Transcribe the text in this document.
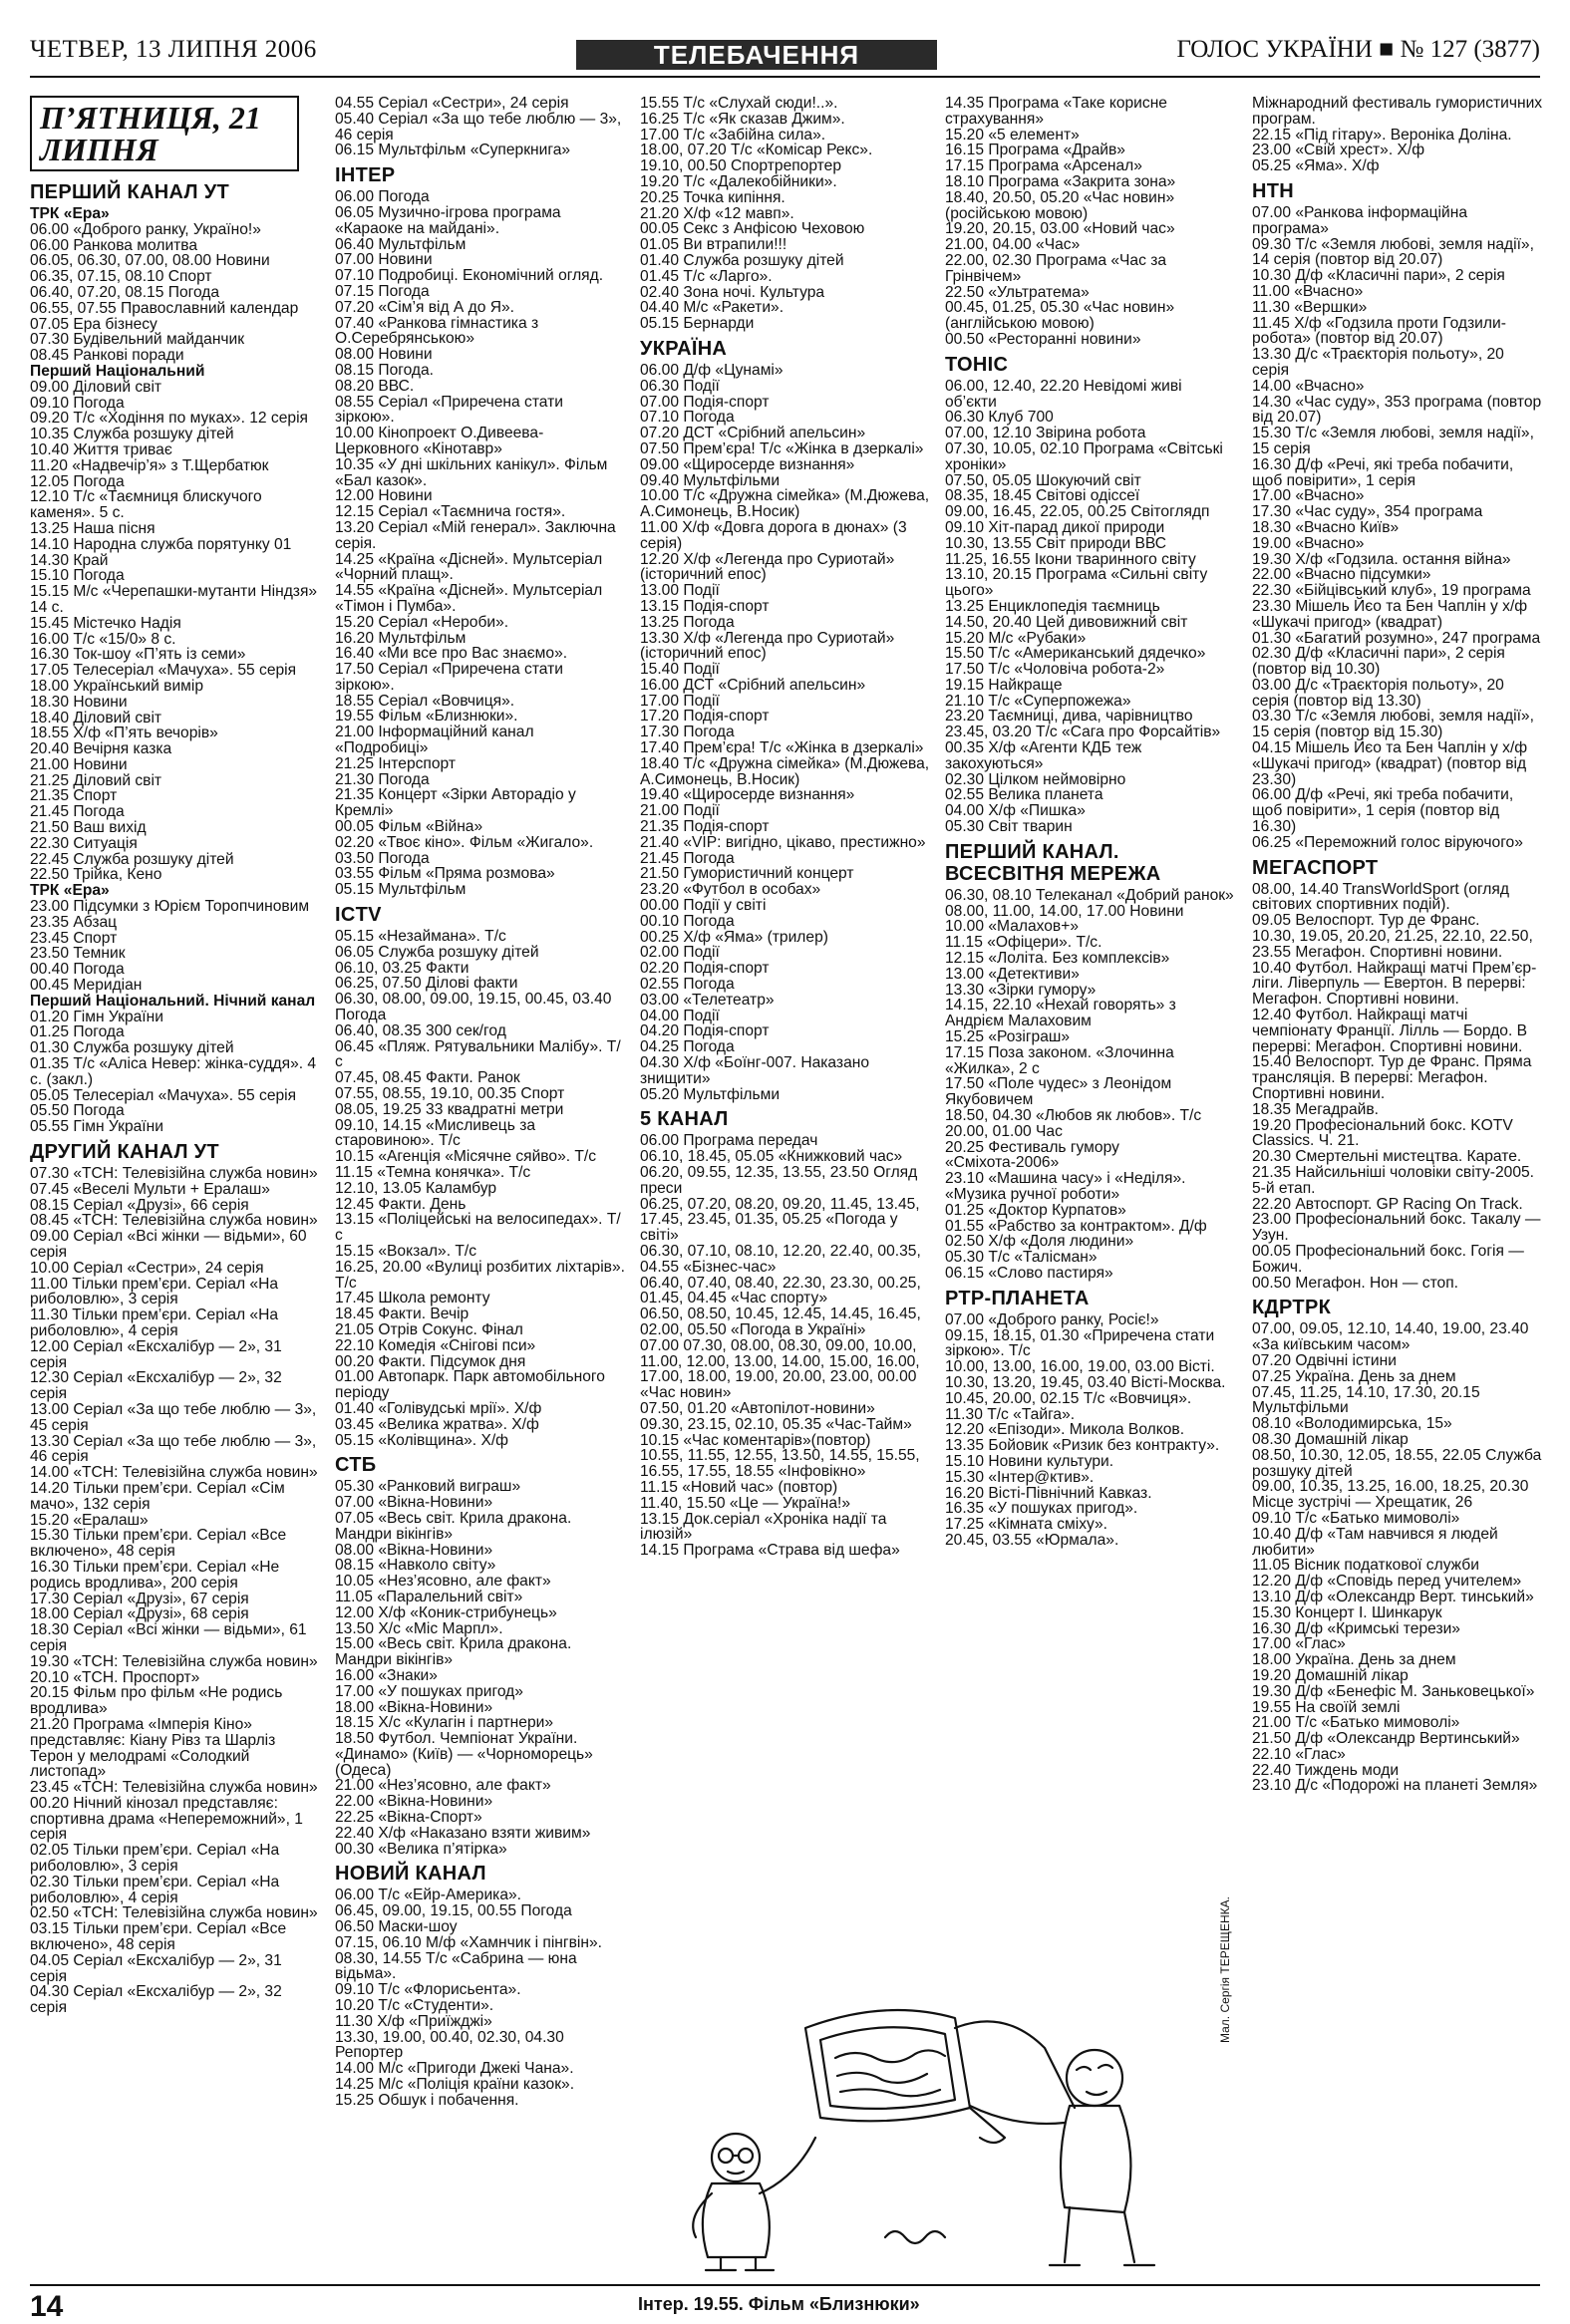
ЧЕТВЕР, 13 ЛИПНЯ 2006	ТЕЛЕБАЧЕННЯ	ГОЛОС УКРАЇНИ ■ № 127 (3877)
П’ЯТНИЦЯ, 21 ЛИПНЯ

ПЕРШИЙ КАНАЛ УТ

ТРК «Ера»

06.00 «Доброго ранку, Україно!»

06.00 Ранкова молитва

06.05, 06.30, 07.00, 08.00 Новини

06.35, 07.15, 08.10 Спорт

06.40, 07.20, 08.15 Погода

06.55, 07.55 Православний календар

07.05 Ера бізнесу

07.30 Будівельний майданчик

08.45 Ранкові поради

Перший Національний

09.00 Діловий світ

09.10 Погода

09.20 Т/с «Ходіння по муках». 12 серія

10.35 Служба розшуку дітей

10.40 Життя триває

11.20 «Надвечір’я» з Т.Щербатюк

12.05 Погода

12.10 Т/с «Таємниця блискучого каменя». 5 с.

13.25 Наша пісня

14.10 Народна служба порятунку 01

14.30 Край

15.10 Погода

15.15 М/с «Черепашки-мутанти Ніндзя» 14 с.

15.45 Містечко Надія

16.00 Т/с «15/0» 8 с.

16.30 Ток-шоу «П’ять із семи»

17.05 Телесеріал «Мачуха». 55 серія

18.00 Український вимір

18.30 Новини

18.40 Діловий світ

18.55 Х/ф «П’ять вечорів»

20.40 Вечірня казка

21.00 Новини

21.25 Діловий світ

21.35 Спорт

21.45 Погода

21.50 Ваш вихід

22.30 Ситуація

22.45 Служба розшуку дітей

22.50 Трійка, Кено

ТРК «Ера»

23.00 Підсумки з Юрієм Торопчиновим

23.35 Абзац

23.45 Спорт

23.50 Темник

00.40 Погода

00.45 Меридіан

Перший Національний. Нічний канал

01.20 Гімн України

01.25 Погода

01.30 Служба розшуку дітей

01.35 Т/с «Аліса Невер: жінка-суддя». 4 с. (закл.)

05.05 Телесеріал «Мачуха». 55 серія

05.50 Погода

05.55 Гімн України

ДРУГИЙ КАНАЛ УТ

07.30 «ТСН: Телевізійна служба новин»

07.45 «Веселі Мульти + Ералаш»

08.15 Серіал «Друзі», 66 серія

08.45 «ТСН: Телевізійна служба новин»

09.00 Серіал «Всі жінки — відьми», 60 серія

10.00 Серіал «Сестри», 24 серія

11.00 Тільки прем’єри. Серіал «На риболовлю», 3 серія

11.30 Тільки прем’єри. Серіал «На риболовлю», 4 серія

12.00 Серіал «Ексхалібур — 2», 31 серія

12.30 Серіал «Ексхалібур — 2», 32 серія

13.00 Серіал «За що тебе люблю — 3», 45 серія

13.30 Серіал «За що тебе люблю — 3», 46 серія

14.00 «ТСН: Телевізійна служба новин»

14.20 Тільки прем’єри. Серіал «Сім мачо», 132 серія

15.20 «Ералаш»

15.30 Тільки прем’єри. Серіал «Все включено», 48 серія

16.30 Тільки прем’єри. Серіал «Не родись вродлива», 200 серія

17.30 Серіал «Друзі», 67 серія

18.00 Серіал «Друзі», 68 серія

18.30 Серіал «Всі жінки — відьми», 61 серія

19.30 «ТСН: Телевізійна служба новин»

20.10 «ТСН. Проспорт»

20.15 Фільм про фільм «Не родись вродлива»

21.20 Програма «Імперія Кіно» представляє: Кіану Рівз та Шарліз Терон у мелодрамі «Солодкий листопад»

23.45 «ТСН: Телевізійна служба новин»

00.20 Нічний кінозал представляє: спортивна драма «Непереможний», 1 серія

02.05 Тільки прем’єри. Серіал «На риболовлю», 3 серія

02.30 Тільки прем’єри. Серіал «На риболовлю», 4 серія

02.50 «ТСН: Телевізійна служба новин»

03.15 Тільки прем’єри. Серіал «Все включено», 48 серія

04.05 Серіал «Ексхалібур — 2», 31 серія

04.30 Серіал «Ексхалібур — 2», 32 серія

04.55 Серіал «Сестри», 24 серія

05.40 Серіал «За що тебе люблю — 3», 46 серія

06.15 Мультфільм «Суперкнига»

ІНТЕР

06.00 Погода

06.05 Музично-ігрова програма «Караоке на майдані».

06.40 Мультфільм

07.00 Новини

07.10 Подробиці. Економічний огляд.

07.15 Погода

07.20 «Сім’я від А до Я».

07.40 «Ранкова гімнастика з О.Серебрянською»

08.00 Новини

08.15 Погода.

08.20 ВВС.

08.55 Серіал «Приречена стати зіркою».

10.00 Кінопроект О.Дивеева-Церковного «Кінотавр»

10.35 «У дні шкільних канікул». Фільм «Бал казок».

12.00 Новини

12.15 Серіал «Таємнича гостя».

13.20 Серіал «Мій генерал». Заключна серія.

14.25 «Країна «Дісней». Мультсеріал «Чорний плащ».

14.55 «Країна «Дісней». Мультсеріал «Тімон і Пумба».

15.20 Серіал «Нероби».

16.20 Мультфільм

16.40 «Ми все про Вас знаємо».

17.50 Серіал «Приречена стати зіркою».

18.55 Серіал «Вовчиця».

19.55 Фільм «Близнюки».

21.00 Інформаційний канал «Подробиці»

21.25 Інтерспорт

21.30 Погода

21.35 Концерт «Зірки Авторадіо у Кремлі»

00.05 Фільм «Війна»

02.20 «Твоє кіно». Фільм «Жигало».

03.50 Погода

03.55 Фільм «Пряма розмова»

05.15 Мультфільм

ICTV

05.15 «Незаймана». Т/с

06.05 Служба розшуку дітей

06.10, 03.25 Факти

06.25, 07.50 Ділові факти

06.30, 08.00, 09.00, 19.15, 00.45, 03.40 Погода

06.40, 08.35 300 сек/год

06.45 «Пляж. Рятувальники Малібу». Т/с

07.45, 08.45 Факти. Ранок

07.55, 08.55, 19.10, 00.35 Спорт

08.05, 19.25 33 квадратні метри

09.10, 14.15 «Мисливець за старовиною». Т/с

10.15 «Агенція «Місячне сяйво». Т/с

11.15 «Темна конячка». Т/с

12.10, 13.05 Каламбур

12.45 Факти. День

13.15 «Поліцейські на велосипедах». Т/с

15.15 «Вокзал». Т/с

16.25, 20.00 «Вулиці розбитих ліхтарів». Т/с

17.45 Школа ремонту

18.45 Факти. Вечір

21.05 Отрів Сокунс. Фінал

22.10 Комедія «Снігові пси»

00.20 Факти. Підсумок дня

01.00 Автопарк. Парк автомобільного періоду

01.40 «Голівудські мрії». Х/ф

03.45 «Велика жратва». Х/ф

05.15 «Колівщина». Х/ф

СТБ

05.30 «Ранковий виграш»

07.00 «Вікна-Новини»

07.05 «Весь світ. Крила дракона. Мандри вікінгів»

08.00 «Вікна-Новини»

08.15 «Навколо світу»

10.05 «Нез’ясовно, але факт»

11.05 «Паралельний світ»

12.00 Х/ф «Коник-стрибунець»

13.50 Х/с «Міс Марпл».

15.00 «Весь світ. Крила дракона. Мандри вікінгів»

16.00 «Знаки»

17.00 «У пошуках пригод»

18.00 «Вікна-Новини»

18.15 Х/с «Кулагін і партнери»

18.50 Футбол. Чемпіонат України. «Динамо» (Київ) — «Чорноморець» (Одеса)

21.00 «Нез’ясовно, але факт»

22.00 «Вікна-Новини»

22.25 «Вікна-Спорт»

22.40 Х/ф «Наказано взяти живим»

00.30 «Велика п’ятірка»

НОВИЙ КАНАЛ

06.00 Т/с «Ейр-Америка».

06.45, 09.00, 19.15, 00.55 Погода

06.50 Маски-шоу

07.15, 06.10 М/ф «Хамнчик і пінгвін».

08.30, 14.55 Т/с «Сабрина — юна відьма».

09.10 Т/с «Флорисьента».

10.20 Т/с «Студенти».

11.30 Х/ф «Приїжджі»

13.30, 19.00, 00.40, 02.30, 04.30 Репортер

14.00 М/с «Пригоди Джекі Чана».

14.25 М/с «Поліція країни казок».

15.25 Обшук і побачення.

15.55 Т/с «Слухай сюди!..».

16.25 Т/с «Як сказав Джим».

17.00 Т/с «Забійна сила».

18.00, 07.20 Т/с «Комісар Рекс».

19.10, 00.50 Спортрепортер

19.20 Т/с «Далекобійники».

20.25 Точка кипіння.

21.20 Х/ф «12 мавп».

00.05 Секс з Анфісою Чеховою

01.05 Ви втрапили!!!

01.40 Служба розшуку дітей

01.45 Т/с «Ларго».

02.40 Зона ночі. Культура

04.40 М/с «Ракети».

05.15 Бернарди

УКРАЇНА

06.00 Д/ф «Цунамі»

06.30 Події

07.00 Подія-спорт

07.10 Погода

07.20 ДСТ «Срібний апельсин»

07.50 Прем’єра! Т/с «Жінка в дзеркалі»

09.00 «Щиросерде визнання»

09.40 Мультфільми

10.00 Т/с «Дружна сімейка» (М.Дюжева, А.Симонець, В.Носик)

11.00 Х/ф «Довга дорога в дюнах» (3 серія)

12.20 Х/ф «Легенда про Суриотай» (історичний епос)

13.00 Події

13.15 Подія-спорт

13.25 Погода

13.30 Х/ф «Легенда про Суриотай» (історичний епос)

15.40 Події

16.00 ДСТ «Срібний апельсин»

17.00 Події

17.20 Подія-спорт

17.30 Погода

17.40 Прем’єра! Т/с «Жінка в дзеркалі»

18.40 Т/с «Дружна сімейка» (М.Дюжева, А.Симонець, В.Носик)

19.40 «Щиросерде визнання»

21.00 Події

21.35 Подія-спорт

21.40 «VIP: вигідно, цікаво, престижно»

21.45 Погода

21.50 Гумористичний концерт

23.20 «Футбол в особах»

00.00 Події у світі

00.10 Погода

00.25 Х/ф «Яма» (трилер)

02.00 Події

02.20 Подія-спорт

02.55 Погода

03.00 «Телетеатр»

04.00 Події

04.20 Подія-спорт

04.25 Погода

04.30 Х/ф «Боїнг-007. Наказано знищити»

05.20 Мультфільми

5 КАНАЛ

06.00 Програма передач

06.10, 18.45, 05.05 «Книжковий час»

06.20, 09.55, 12.35, 13.55, 23.50 Огляд преси

06.25, 07.20, 08.20, 09.20, 11.45, 13.45, 17.45, 23.45, 01.35, 05.25 «Погода у світі»

06.30, 07.10, 08.10, 12.20, 22.40, 00.35, 04.55 «Бізнес-час»

06.40, 07.40, 08.40, 22.30, 23.30, 00.25, 01.45, 04.45 «Час спорту»

06.50, 08.50, 10.45, 12.45, 14.45, 16.45, 02.00, 05.50 «Погода в Україні»

07.00 07.30, 08.00, 08.30, 09.00, 10.00, 11.00, 12.00, 13.00, 14.00, 15.00, 16.00, 17.00, 18.00, 19.00, 20.00, 23.00, 00.00 «Час новин»

07.50, 01.20 «Автопілот-новини»

09.30, 23.15, 02.10, 05.35 «Час-Тайм»

10.15 «Час коментарів»(повтор)

10.55, 11.55, 12.55, 13.50, 14.55, 15.55, 16.55, 17.55, 18.55 «Інфовікно»

11.15 «Новий час» (повтор)

11.40, 15.50 «Це — Україна!»

13.15 Док.серіал «Хроніка надії та ілюзій»

14.15 Програма «Страва від шефа»

14.35 Програма «Таке корисне страхування»

15.20 «5 елемент»

16.15 Програма «Драйв»

17.15 Програма «Арсенал»

18.10 Програма «Закрита зона»

18.40, 20.50, 05.20 «Час новин» (російською мовою)

19.20, 20.15, 03.00 «Новий час»

21.00, 04.00 «Час»

22.00, 02.30 Програма «Час за Грінвічем»

22.50 «Ультратема»

00.45, 01.25, 05.30 «Час новин» (англійською мовою)

00.50 «Ресторанні новини»

ТОНІС

06.00, 12.40, 22.20 Невідомі живі об’єкти

06.30 Клуб 700

07.00, 12.10 Звірина робота

07.30, 10.05, 02.10 Програма «Світські хроніки»

07.50, 05.05 Шокуючий світ

08.35, 18.45 Світові одіссеї

09.00, 16.45, 22.05, 00.25 Світоглядп

09.10 Хіт-парад дикої природи

10.30, 13.55 Світ природи ВВС

11.25, 16.55 Ікони тваринного світу

13.10, 20.15 Програма «Сильні світу цього»

13.25 Енциклопедія таємниць

14.50, 20.40 Цей дивовижний світ

15.20 М/с «Рубаки»

15.50 Т/с «Американський дядечко»

17.50 Т/с «Чоловіча робота-2»

19.15 Найкраще

21.10 Т/с «Суперпожежа»

23.20 Таємниці, дива, чарівництво

23.45, 03.20 Т/с «Сага про Форсайтів»

00.35 Х/ф «Агенти КДБ теж закохуються»

02.30 Цілком неймовірно

02.55 Велика планета

04.00 Х/ф «Пишка»

05.30 Світ тварин

ПЕРШИЙ КАНАЛ. ВСЕСВІТНЯ МЕРЕЖА

06.30, 08.10 Телеканал «Добрий ранок»

08.00, 11.00, 14.00, 17.00 Новини

10.00 «Малахов+»

11.15 «Офіцери». Т/с.

12.15 «Лоліта. Без комплексів»

13.00 «Детективи»

13.30 «Зірки гумору»

14.15, 22.10 «Нехай говорять» з Андрієм Малаховим

15.25 «Розіграш»

17.15 Поза законом. «Злочинна «Жилка», 2 с

17.50 «Поле чудес» з Леонідом Якубовичем

18.50, 04.30 «Любов як любов». Т/с

20.00, 01.00 Час

20.25 Фестиваль гумору «Сміхота-2006»

23.10 «Машина часу» і «Неділя». «Музика ручної роботи»

01.25 «Доктор Курпатов»

01.55 «Рабство за контрактом». Д/ф

02.50 Х/ф «Доля людини»

05.30 Т/с «Талісман»

06.15 «Слово пастиря»

РТР-ПЛАНЕТА

07.00 «Доброго ранку, Росіє!»

09.15, 18.15, 01.30 «Приречена стати зіркою». Т/с

10.00, 13.00, 16.00, 19.00, 03.00 Вісті.

10.30, 13.20, 19.45, 03.40 Вісті-Москва.

10.45, 20.00, 02.15 Т/с «Вовчиця».

11.30 Т/с «Тайга».

12.20 «Епізоди». Микола Волков.

13.35 Бойовик «Ризик без контракту».

15.10 Новини культури.

15.30 «Інтер@ктив».

16.20 Вісті-Північний Кавказ.

16.35 «У пошуках пригод».

17.25 «Кімната сміху».

20.45, 03.55 «Юрмала».

Міжнародний фестиваль гумористичних програм.

22.15 «Під гітару». Вероніка Доліна.

23.00 «Свій хрест». Х/ф

05.25 «Яма». Х/ф

НТН

07.00 «Ранкова інформаційна програма»

09.30 Т/с «Земля любові, земля надії», 14 серія (повтор від 20.07)

10.30 Д/ф «Класичні пари», 2 серія

11.00 «Вчасно»

11.30 «Вершки»

11.45 Х/ф «Годзила проти Годзили-робота» (повтор від 20.07)

13.30 Д/с «Траєкторія польоту», 20 серія

14.00 «Вчасно»

14.30 «Час суду», 353 програма (повтор від 20.07)

15.30 Т/с «Земля любові, земля надії», 15 серія

16.30 Д/ф «Речі, які треба побачити, щоб повірити», 1 серія

17.00 «Вчасно»

17.30 «Час суду», 354 програма

18.30 «Вчасно Київ»

19.00 «Вчасно»

19.30 Х/ф «Годзила. остання війна»

22.00 «Вчасно підсумки»

22.30 «Бійцівський клуб», 19 програма

23.30 Мішель Йєо та Бен Чаплін у х/ф «Шукачі пригод» (квадрат)

01.30 «Багатий розумно», 247 програма

02.30 Д/ф «Класичні пари», 2 серія (повтор від 10.30)

03.00 Д/с «Траєкторія польоту», 20 серія (повтор від 13.30)

03.30 Т/с «Земля любові, земля надії», 15 серія (повтор від 15.30)

04.15 Мішель Йєо та Бен Чаплін у х/ф «Шукачі пригод» (квадрат) (повтор від 23.30)

06.00 Д/ф «Речі, які треба побачити, щоб повірити», 1 серія (повтор від 16.30)

06.25 «Переможний голос віруючого»

МЕГАСПОРТ

08.00, 14.40 TransWorldSport (огляд світових спортивних подій).

09.05 Велоспорт. Тур де Франс.

10.30, 19.05, 20.20, 21.25, 22.10, 22.50, 23.55 Мегафон. Спортивні новини.

10.40 Футбол. Найкращі матчі Прем’єр-ліги. Ліверпуль — Евертон. В перерві: Мегафон. Спортивні новини.

12.40 Футбол. Найкращі матчі чемпіонату Франції. Лілль — Бордо. В перерві: Мегафон. Спортивні новини.

15.40 Велоспорт. Тур де Франс. Пряма трансляція. В перерві: Мегафон. Спортивні новини.

18.35 Мегадрайв.

19.20 Професіональний бокс. KOTV Classics. Ч. 21.

20.30 Смертельні мистецтва. Карате.

21.35 Найсильніші чоловіки світу-2005. 5-й етап.

22.20 Автоспорт. GP Racing On Track.

23.00 Професіональний бокс. Такалу — Узун.

00.05 Професіональний бокс. Гогія — Божич.

00.50 Мегафон. Нон — стоп.

КДРТРК

07.00, 09.05, 12.10, 14.40, 19.00, 23.40 «За київським часом»

07.20 Одвічні істини

07.25 Україна. День за днем

07.45, 11.25, 14.10, 17.30, 20.15 Мультфільми

08.10 «Володимирська, 15»

08.30 Домашній лікар

08.50, 10.30, 12.05, 18.55, 22.05 Служба розшуку дітей

09.00, 10.35, 13.25, 16.00, 18.25, 20.30 Місце зустрічі — Хрещатик, 26

09.10 Т/с «Батько мимоволі»

10.40 Д/ф «Там навчився я людей любити»

11.05 Вісник податкової служби

12.20 Д/ф «Сповідь перед учителем»

13.10 Д/ф «Олександр Верт. тинський»

15.30 Концерт І. Шинкарук

16.30 Д/ф «Кримські терези»

17.00 «Глас»

18.00 Україна. День за днем

19.20 Домашній лікар

19.30 Д/ф «Бенефіс М. Заньковецької»

19.55 На своїй землі

21.00 Т/с «Батько мимоволі»

21.50 Д/ф «Олександр Вертинський»

22.10 «Глас»

22.40 Тиждень моди

23.10 Д/с «Подорожі на планеті Земля»

Мал. Сергія ТЕРЕЩЕНКА.
14	Інтер. 19.55. Фільм «Близнюки»
